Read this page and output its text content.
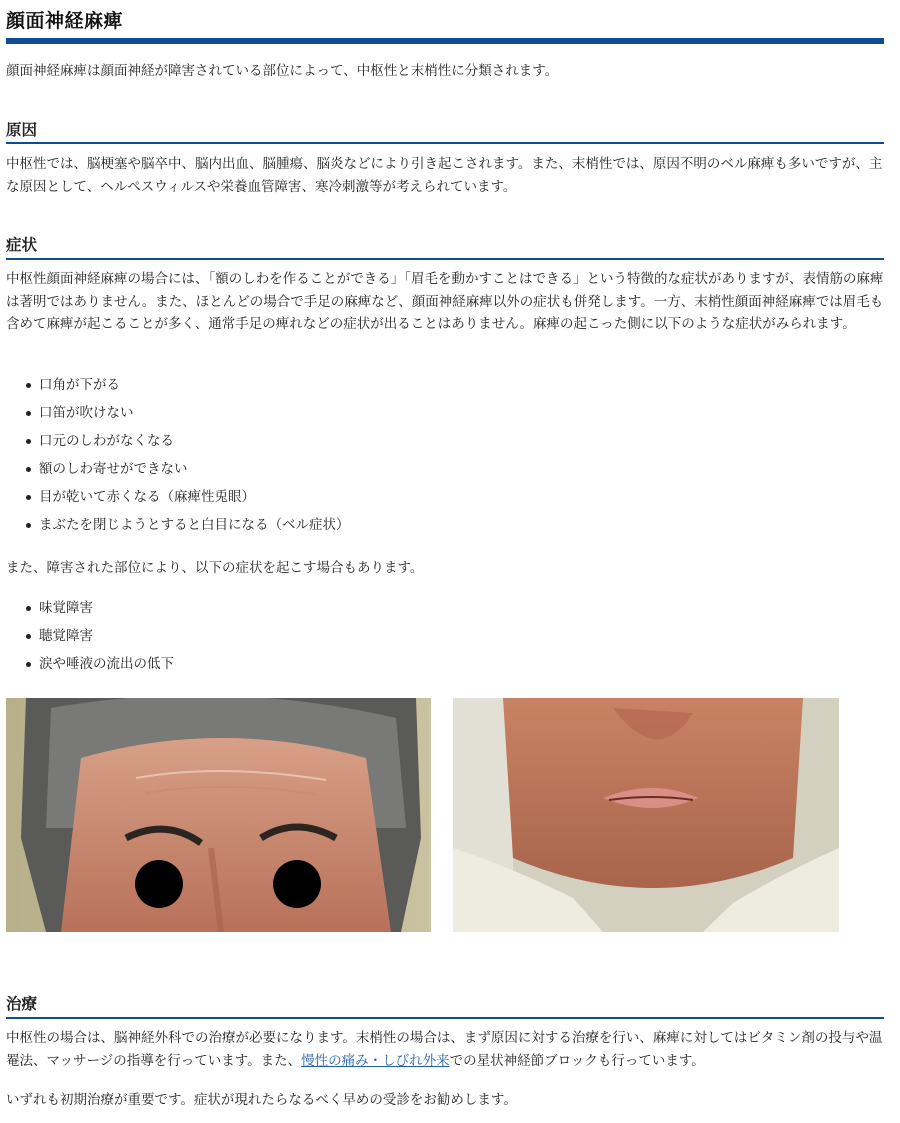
顔面神経麻痺

顔面神経麻痺は顔面神経が障害されている部位によって、中枢性と末梢性に分類されます。

原因

中枢性では、脳梗塞や脳卒中、脳内出血、脳腫瘍、脳炎などにより引き起こされます。また、末梢性では、原因不明のベル麻痺も多いですが、主な原因として、ヘルペスウィルスや栄養血管障害、寒冷刺激等が考えられています。

症状

中枢性顔面神経麻痺の場合には、「額のしわを作ることができる」「眉毛を動かすことはできる」という特徴的な症状がありますが、表情筋の麻痺は著明ではありません。また、ほとんどの場合で手足の麻痺など、顔面神経麻痺以外の症状も併発します。一方、末梢性顔面神経麻痺では眉毛も含めて麻痺が起こることが多く、通常手足の痺れなどの症状が出ることはありません。麻痺の起こった側に以下のような症状がみられます。

口角が下がる
口笛が吹けない
口元のしわがなくなる
額のしわ寄せができない
目が乾いて赤くなる（麻痺性兎眼）
まぶたを閉じようとすると白目になる（ベル症状）

また、障害された部位により、以下の症状を起こす場合もあります。

味覚障害
聴覚障害
涙や唾液の流出の低下
治療

中枢性の場合は、脳神経外科での治療が必要になります。末梢性の場合は、まず原因に対する治療を行い、麻痺に対してはビタミン剤の投与や温罨法、マッサージの指導を行っています。また、慢性の痛み・しびれ外来での星状神経節ブロックも行っています。

いずれも初期治療が重要です。症状が現れたらなるべく早めの受診をお勧めします。
